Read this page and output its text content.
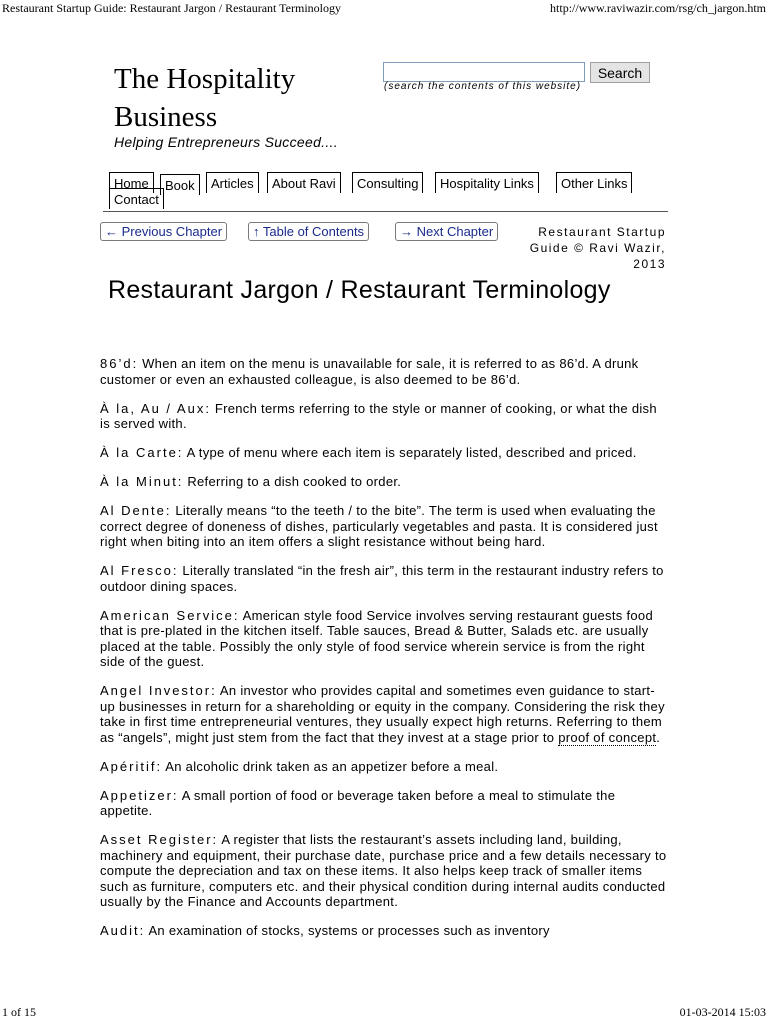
Restaurant Startup Guide: Restaurant Jargon / Restaurant Terminology	http://www.raviwazir.com/rsg/ch_jargon.htm
The Hospitality Business
Helping Entrepreneurs Succeed....
Search
(search the contents of this website)
Home	Book	Articles	About Ravi	Consulting	Hospitality Links	Other Links
Contact
← Previous Chapter	↑ Table of Contents	→ Next Chapter	Restaurant Startup Guide © Ravi Wazir, 2013
Restaurant Jargon / Restaurant Terminology

86’d: When an item on the menu is unavailable for sale, it is referred to as 86’d. A drunk customer or even an exhausted colleague, is also deemed to be 86’d.

À la, Au / Aux: French terms referring to the style or manner of cooking, or what the dish is served with.

À la Carte: A type of menu where each item is separately listed, described and priced.

À la Minut: Referring to a dish cooked to order.

Al Dente: Literally means “to the teeth / to the bite”. The term is used when evaluating the correct degree of doneness of dishes, particularly vegetables and pasta. It is considered just right when biting into an item offers a slight resistance without being hard.

Al Fresco: Literally translated “in the fresh air”, this term in the restaurant industry refers to outdoor dining spaces.

American Service: American style food Service involves serving restaurant guests food that is pre-plated in the kitchen itself. Table sauces, Bread & Butter, Salads etc. are usually placed at the table. Possibly the only style of food service wherein service is from the right side of the guest.

Angel Investor: An investor who provides capital and sometimes even guidance to start-up businesses in return for a shareholding or equity in the company. Considering the risk they take in first time entrepreneurial ventures, they usually expect high returns. Referring to them as “angels”, might just stem from the fact that they invest at a stage prior to proof of concept.

Apéritif: An alcoholic drink taken as an appetizer before a meal.

Appetizer: A small portion of food or beverage taken before a meal to stimulate the appetite.

Asset Register: A register that lists the restaurant’s assets including land, building, machinery and equipment, their purchase date, purchase price and a few details necessary to compute the depreciation and tax on these items. It also helps keep track of smaller items such as furniture, computers etc. and their physical condition during internal audits conducted usually by the Finance and Accounts department.

Audit: An examination of stocks, systems or processes such as inventory

1 of 15	01-03-2014 15:03
